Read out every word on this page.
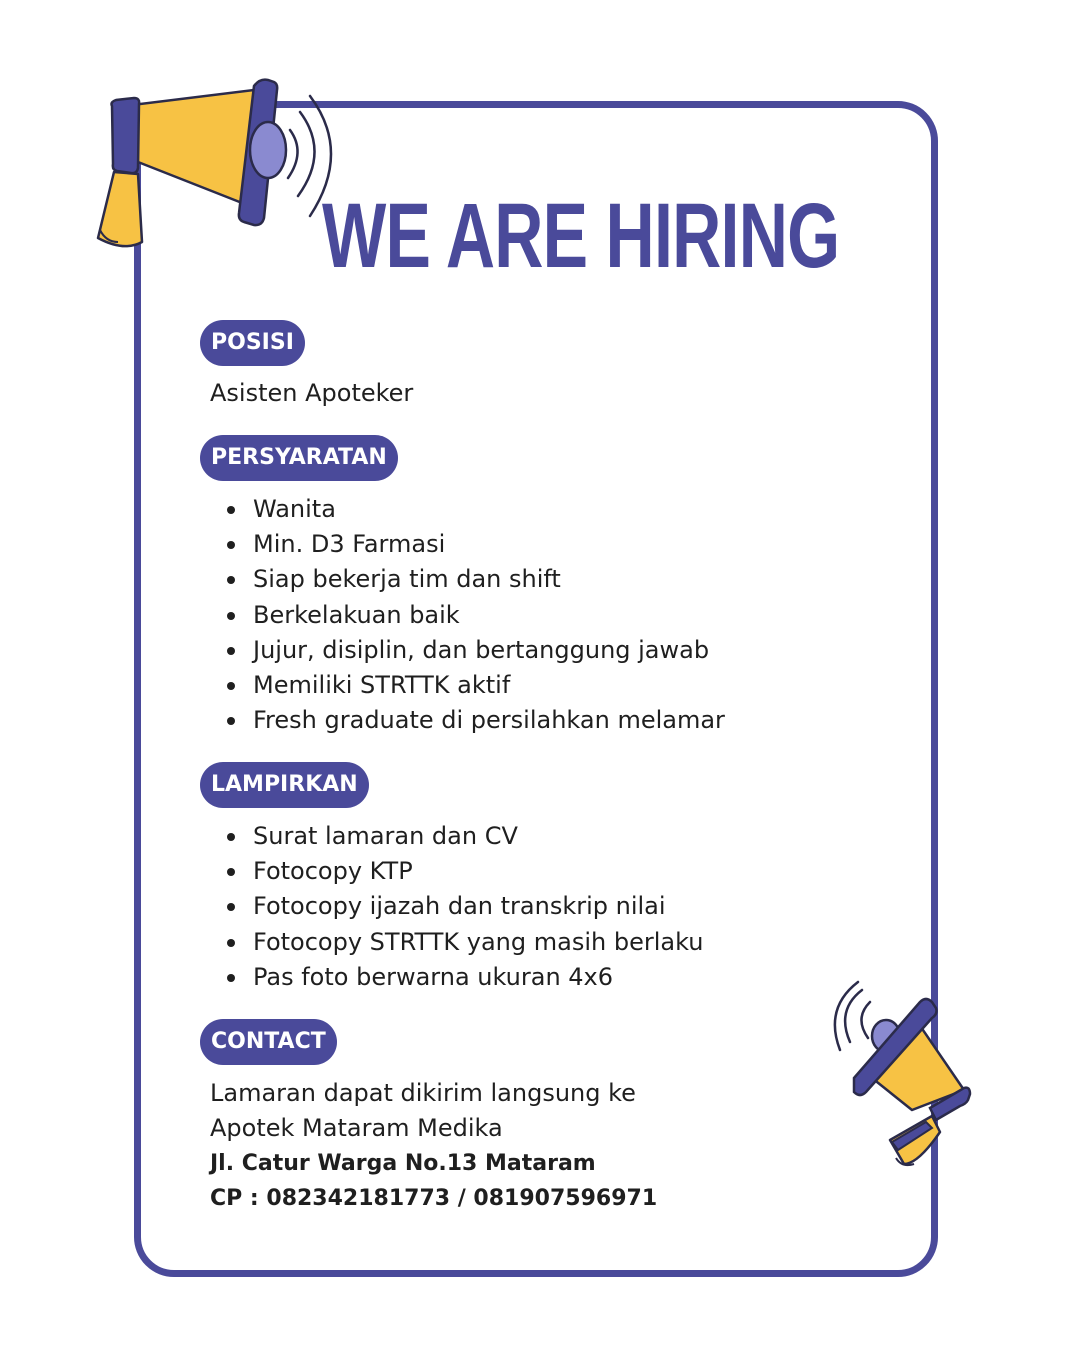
WE ARE HIRING
POSISI
Asisten Apoteker
PERSYARATAN
Wanita
Min. D3 Farmasi
Siap bekerja tim dan shift
Berkelakuan baik
Jujur, disiplin, dan bertanggung jawab
Memiliki STRTTK aktif
Fresh graduate di persilahkan melamar
LAMPIRKAN
Surat lamaran dan CV
Fotocopy KTP
Fotocopy ijazah dan transkrip nilai
Fotocopy STRTTK yang masih berlaku
Pas foto berwarna ukuran 4x6
CONTACT
Lamaran dapat dikirim langsung ke
Apotek Mataram Medika
Jl. Catur Warga No.13 Mataram
CP : 082342181773 / 081907596971
